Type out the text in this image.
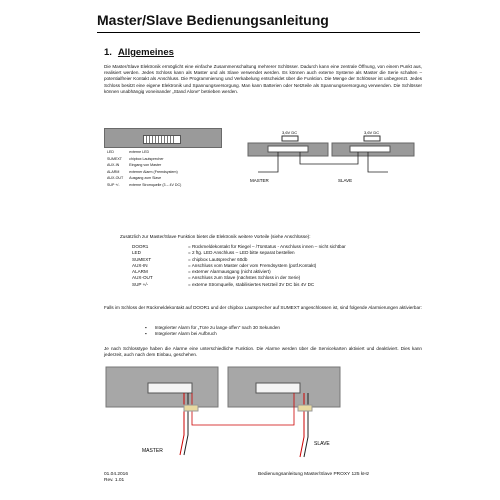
Master/Slave Bedienungsanleitung
1. Allgemeines
Die Master/Slave Elektronik ermöglicht eine einfache Zusammenschaltung mehrerer Schlösser. Dadurch kann eine zentrale Öffnung, von einem Punkt aus, realisiert werden. Jedes Schloss kann als Master und als Slave verwendet werden. Es können auch externe Systeme als Master die Serie schalten – potentialfreier Kontakt als Anschluss. Die Programmierung und Verkabelung entscheidet über die Funktion. Die Menge der Schlösser ist unbegrenzt. Jedes Schloss besitzt eine eigene Elektronik und Spannungsversorgung. Man kann Batterien oder Netzteile als Spannungsversorgung verwenden. Die Schlösser können unabhängig voneinander „Stand Alone“ betrieben werden.
LED	externe LED
SUMEXT	chipbox Lautsprecher
AUX-IN	Eingang von Master
ALARM	externer Alarm (Fremdsystem)
AUX-OUT	Ausgang zum Slave
SUP +/-	externe Stromquelle (3 – 4V DC)
3,6V DC	3,6V DC
MASTER	SLAVE
Zusätzlich zur Master/Slave Funktion bietet die Elektronik weitere Vorteile (siehe Anschlüsse):
DOOR1	= Rückmeldekontakt für Riegel – /Türstatus - Anschluss innen – nicht sichtbar
LED	= 2 ftg. LED Anschluss – LED bitte separat bestellen
SUMEXT	= chipbox Lautsprecher 60db
AUX-IN	= Anschluss vom Master oder vom Fremdsystem (potf.Kontakt)
ALARM	= externer Alarmausgang (nicht aktiviert)
AUX-OUT	= Anschluss zum Slave (nächstes Schloss in der Serie)
SUP +/-	= externe Stromquelle, stabilisiertes Netzteil 3V DC bis 4V DC
Falls im Schloss der Rückmeldekontakt auf DOOR1 und der chipbox Lautsprecher auf SUMEXT angeschlossen ist, sind folgende Alarmierungen aktivierbar:
▪ Integrierter Alarm für „Türe zu lange offen“ nach 30 Sekunden
▪ Integrierter Alarm bei Aufbruch
Je nach Schlosstype haben die Alarme eine unterschiedliche Funktion. Die Alarme werden über die Servicekarten aktiviert und deaktiviert. Dies kann jederzeit, auch nach dem Einbau, geschehen.
MASTER
SLAVE
01.04.2016
Rev. 1.01
Bedienungsanleitung Master/Slave PROXY 125 kHz
